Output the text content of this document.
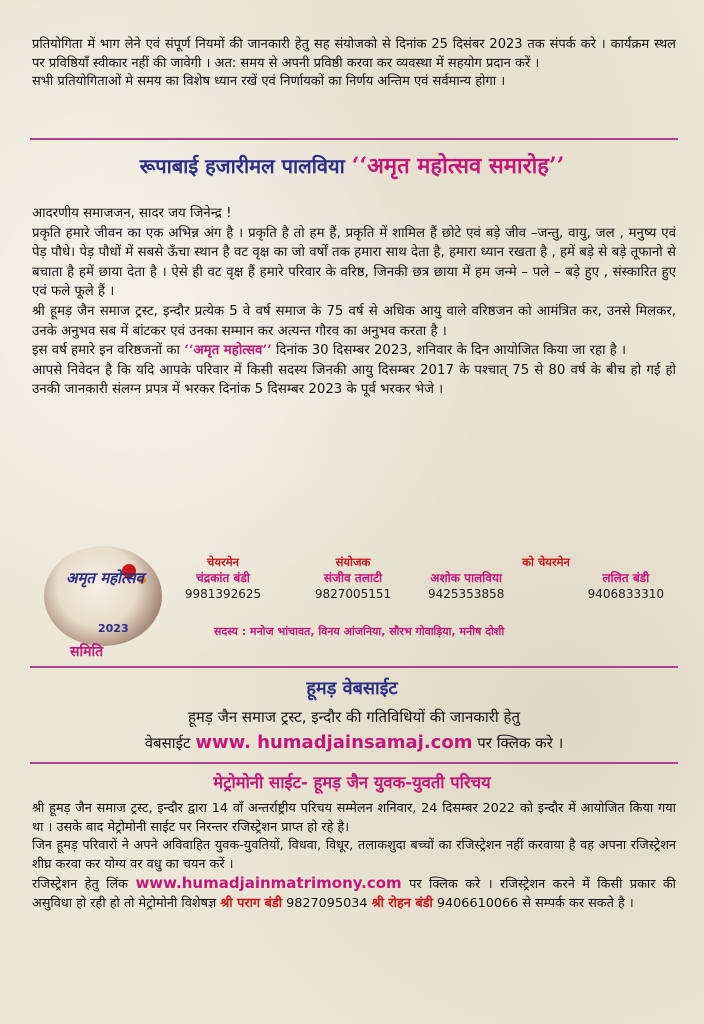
प्रतियोगिता में भाग लेने एवं संपूर्ण नियमों की जानकारी हेतु सह संयोजको से दिनांक 25 दिसंबर 2023 तक संपर्क करे । कार्यक्रम स्थल पर प्रविष्ठियाँ स्वीकार नहीं की जावेगी । अत: समय से अपनी प्रविष्ठी करवा कर व्यवस्था में सहयोग प्रदान करें ।

सभी प्रतियोगिताओं मे समय का विशेष ध्यान रखें एवं निर्णायकों का निर्णय अन्तिम एवं सर्वमान्य होगा ।

रूपाबाई हजारीमल पालविया ‘‘अमृत महोत्सव समारोह’’

आदरणीय समाजजन, सादर जय जिनेन्द्र !

प्रकृति हमारे जीवन का एक अभिन्न अंग है । प्रकृति है तो हम हैं, प्रकृति में शामिल हैं छोटे एवं बड़े जीव –जन्तु, वायु, जल , मनुष्य एवं पेड़ पौधे। पेड़ पौधों में सबसे ऊँचा स्थान है वट वृक्ष का जो वर्षों तक हमारा साथ देता है, हमारा ध्यान रखता है , हमें बड़े से बड़े तूफानो से बचाता है हमें छाया देता है । ऐसे ही वट वृक्ष हैं हमारे परिवार के वरिष्ठ, जिनकी छत्र छाया में हम जन्मे – पले – बड़े हुए , संस्कारित हुए एवं फले फूले हैं ।

श्री हूमड़ जैन समाज ट्रस्ट, इन्दौर प्रत्येक 5 वे वर्ष समाज के 75 वर्ष से अधिक आयु वाले वरिष्ठजन को आमंत्रित कर, उनसे मिलकर, उनके अनुभव सब में बांटकर एवं उनका सम्मान कर अत्यन्त गौरव का अनुभव करता है ।

इस वर्ष हमारे इन वरिष्ठजनों का ‘‘अमृत महोत्सव’’ दिनांक 30 दिसम्बर 2023, शनिवार के दिन आयोजित किया जा रहा है ।

आपसे निवेदन है कि यदि आपके परिवार में किसी सदस्य जिनकी आयु दिसम्बर 2017 के पश्चात् 75 से 80 वर्ष के बीच हो गई हो उनकी जानकारी संलग्न प्रपत्र में भरकर दिनांक 5 दिसम्बर 2023 के पूर्व भरकर भेजे ।

अमृत महोत्सव
2023
समिति
चेयरमेन
चंद्रकांत बंडी
9981392625
संयोजक
संजीव तलाटी
9827005151
को चेयरमेन
अशोक पालविया
9425353858
ललित बंडी
9406833310
सदस्य : मनोज भांचावत, विनय आंजनिया, सौरभ गोवाड़िया, मनीष दोशी
हूमड़ वेबसाईट
हूमड़ जैन समाज ट्रस्ट, इन्दौर की गतिविधियों की जानकारी हेतु
वेबसाईट www. humadjainsamaj.com पर क्लिक करे ।
मेट्रोमोनी साईट- हूमड़ जैन युवक-युवती परिचय

श्री हूमड़ जैन समाज ट्रस्ट, इन्दौर द्वारा 14 वाँ अन्तर्राष्ट्रीय परिचय सम्मेलन शनिवार, 24 दिसम्बर 2022 को इन्दौर में आयोजित किया गया था । उसके बाद मेट्रोमोनी साईट पर निरन्तर रजिस्ट्रेशन प्राप्त हो रहे है।

जिन हूमड़ परिवारों ने अपने अविवाहित युवक-युवतियों, विधवा, विधूर, तलाकशुदा बच्चों का रजिस्ट्रेशन नहीं करवाया है वह अपना रजिस्ट्रेशन शीघ्र करवा कर योग्य वर वधु का चयन करें ।

रजिस्ट्रेशन हेतु लिंक www.humadjainmatrimony.com पर क्लिक करे । रजिस्ट्रेशन करने में किसी प्रकार की असुविधा हो रही हो तो मेट्रोमोनी विशेषज्ञ श्री पराग बंडी 9827095034 श्री रोहन बंडी 9406610066 से सम्पर्क कर सकते है ।
